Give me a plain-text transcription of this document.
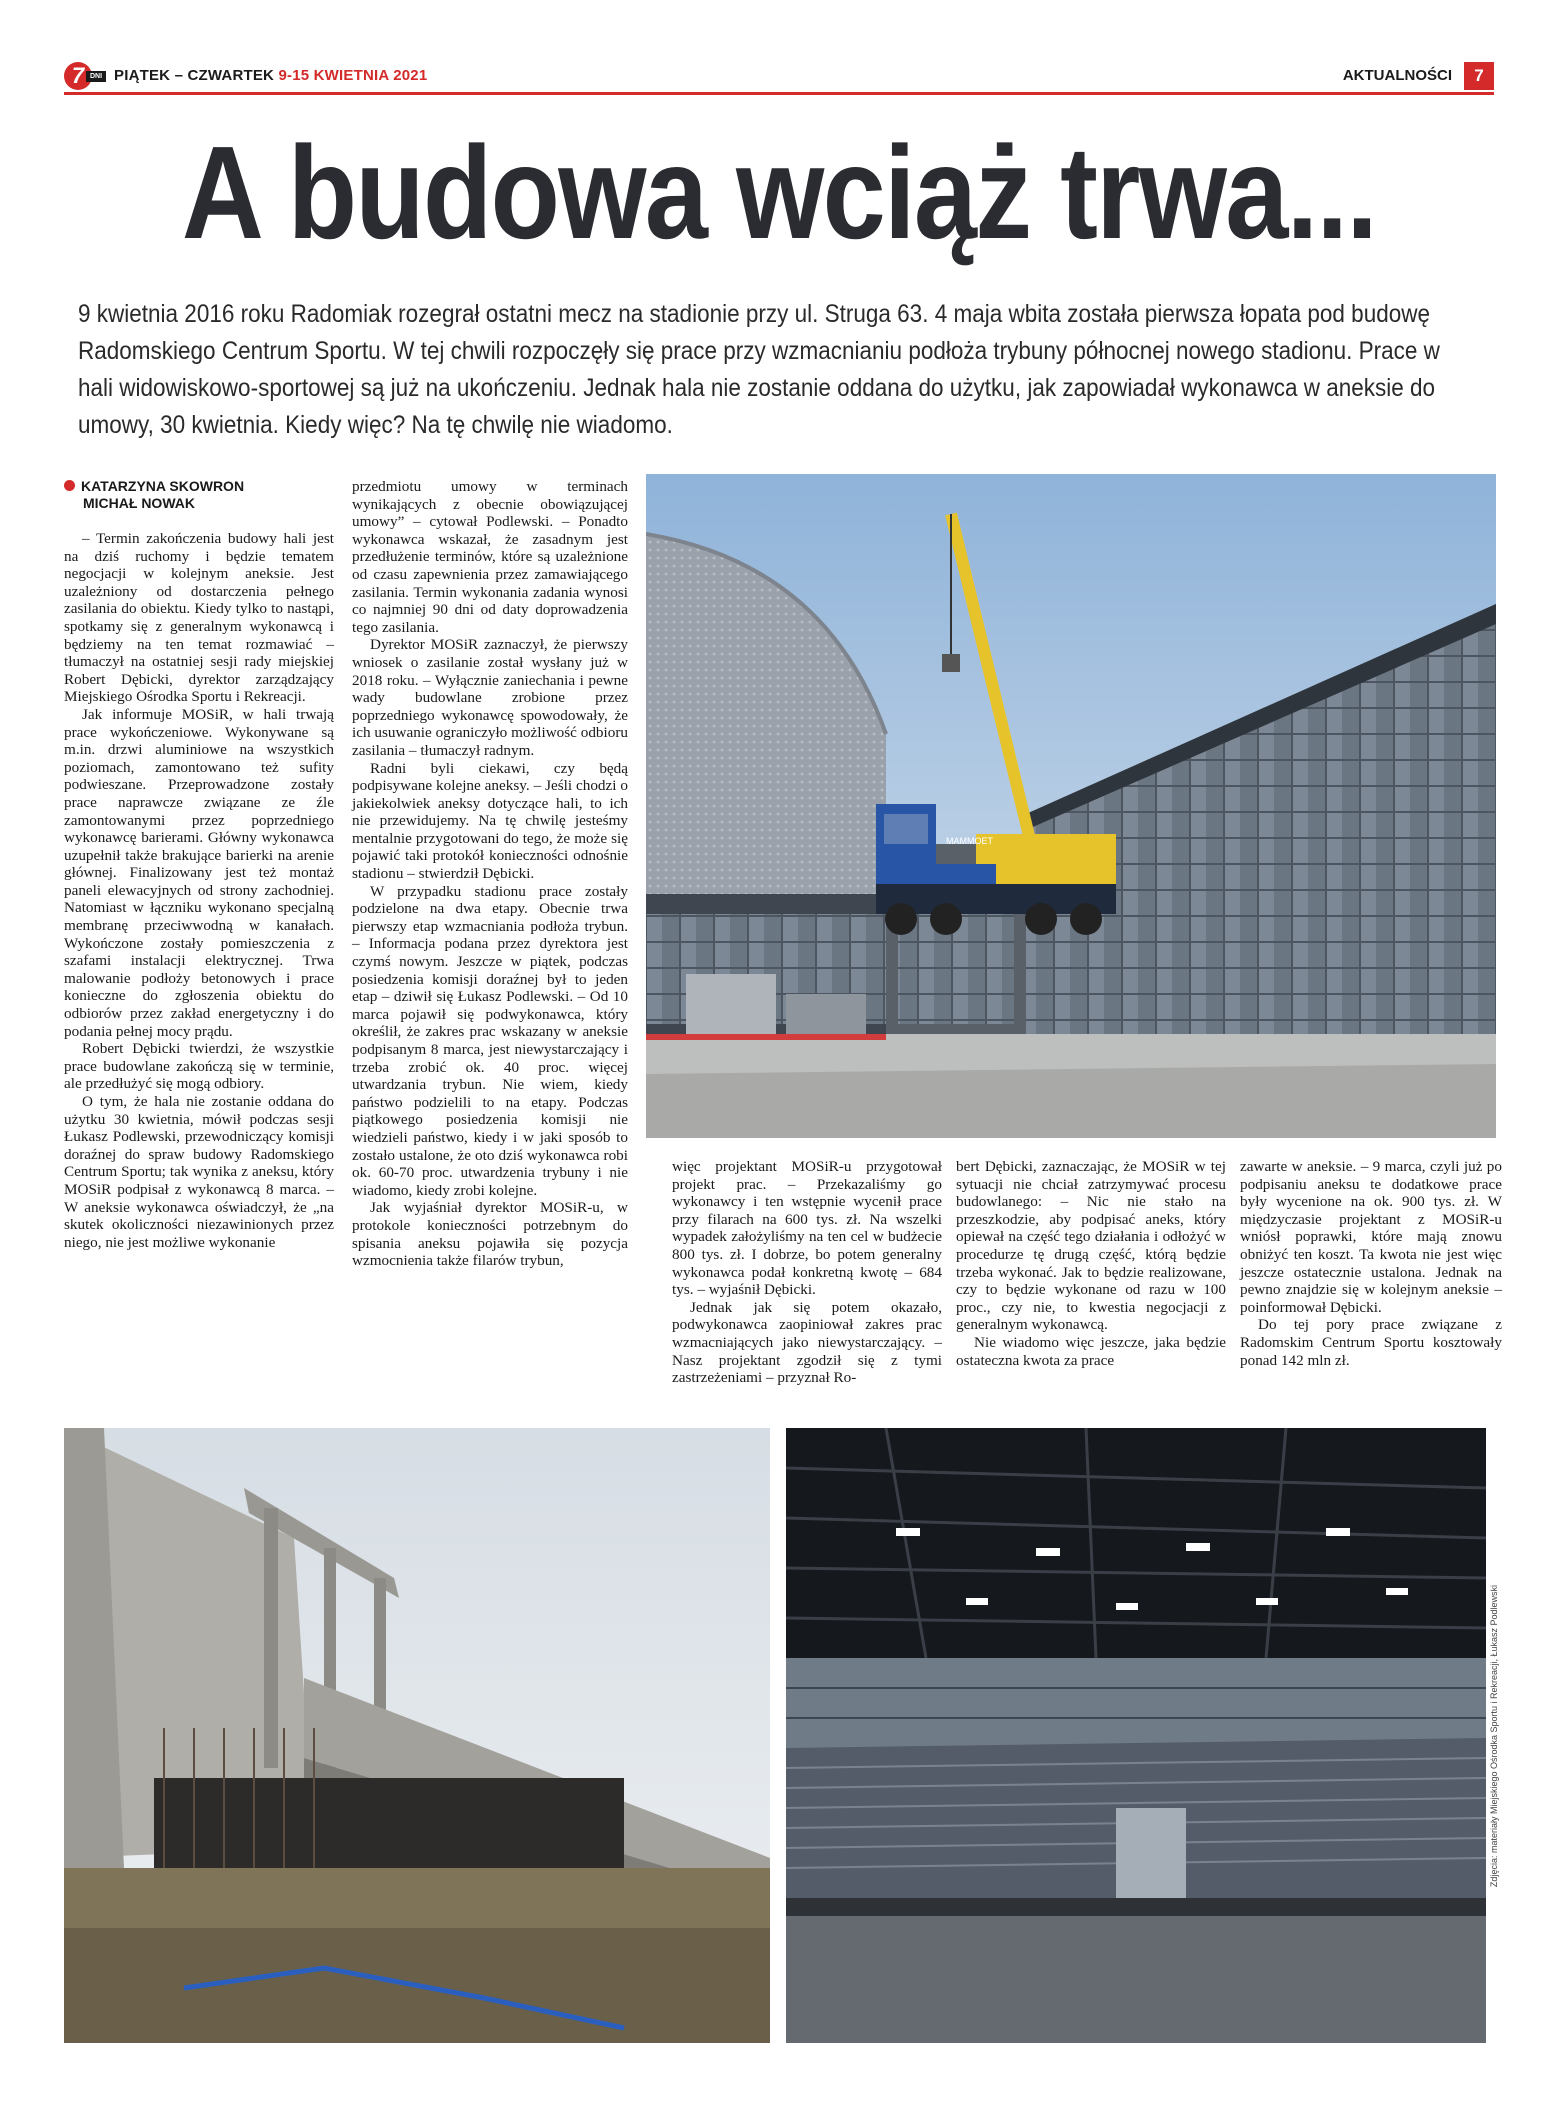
7 DNI PIĄTEK – CZWARTEK 9-15 KWIETNIA 2021	AKTUALNOŚCI	7
A budowa wciąż trwa...
9 kwietnia 2016 roku Radomiak rozegrał ostatni mecz na stadionie przy ul. Struga 63. 4 maja wbita została pierwsza łopata pod budowę Radomskiego Centrum Sportu. W tej chwili rozpoczęły się prace przy wzmacnianiu podłoża trybuny północnej nowego stadionu. Prace w hali widowiskowo-sportowej są już na ukończeniu. Jednak hala nie zostanie oddana do użytku, jak zapowiadał wykonawca w aneksie do umowy, 30 kwietnia. Kiedy więc? Na tę chwilę nie wiadomo.
KATARZYNA SKOWRON
MICHAŁ NOWAK

– Termin zakończenia budowy hali jest na dziś ruchomy i będzie tematem negocjacji w kolejnym aneksie. Jest uzależniony od dostarczenia pełnego zasilania do obiektu. Kiedy tylko to nastąpi, spotkamy się z generalnym wykonawcą i będziemy na ten temat rozmawiać – tłumaczył na ostatniej sesji rady miejskiej Robert Dębicki, dyrektor zarządzający Miejskiego Ośrodka Sportu i Rekreacji.

Jak informuje MOSiR, w hali trwają prace wykończeniowe. Wykonywane są m.in. drzwi aluminiowe na wszystkich poziomach, zamontowano też sufity podwieszane. Przeprowadzone zostały prace naprawcze związane ze źle zamontowanymi przez poprzedniego wykonawcę barierami. Główny wykonawca uzupełnił także brakujące barierki na arenie głównej. Finalizowany jest też montaż paneli elewacyjnych od strony zachodniej. Natomiast w łączniku wykonano specjalną membranę przeciwwodną w kanałach. Wykończone zostały pomieszczenia z szafami instalacji elektrycznej. Trwa malowanie podłoży betonowych i prace konieczne do zgłoszenia obiektu do odbiorów przez zakład energetyczny i do podania pełnej mocy prądu.

Robert Dębicki twierdzi, że wszystkie prace budowlane zakończą się w terminie, ale przedłużyć się mogą odbiory.

O tym, że hala nie zostanie oddana do użytku 30 kwietnia, mówił podczas sesji Łukasz Podlewski, przewodniczący komisji doraźnej do spraw budowy Radomskiego Centrum Sportu; tak wynika z aneksu, który MOSiR podpisał z wykonawcą 8 marca. – W aneksie wykonawca oświadczył, że „na skutek okoliczności niezawinionych przez niego, nie jest możliwe wykonanie

przedmiotu umowy w terminach wynikających z obecnie obowiązującej umowy” – cytował Podlewski. – Ponadto wykonawca wskazał, że zasadnym jest przedłużenie terminów, które są uzależnione od czasu zapewnienia przez zamawiającego zasilania. Termin wykonania zadania wynosi co najmniej 90 dni od daty doprowadzenia tego zasilania.

Dyrektor MOSiR zaznaczył, że pierwszy wniosek o zasilanie został wysłany już w 2018 roku. – Wyłącznie zaniechania i pewne wady budowlane zrobione przez poprzedniego wykonawcę spowodowały, że ich usuwanie ograniczyło możliwość odbioru zasilania – tłumaczył radnym.

Radni byli ciekawi, czy będą podpisywane kolejne aneksy. – Jeśli chodzi o jakiekolwiek aneksy dotyczące hali, to ich nie przewidujemy. Na tę chwilę jesteśmy mentalnie przygotowani do tego, że może się pojawić taki protokół konieczności odnośnie stadionu – stwierdził Dębicki.

W przypadku stadionu prace zostały podzielone na dwa etapy. Obecnie trwa pierwszy etap wzmacniania podłoża trybun. – Informacja podana przez dyrektora jest czymś nowym. Jeszcze w piątek, podczas posiedzenia komisji doraźnej był to jeden etap – dziwił się Łukasz Podlewski. – Od 10 marca pojawił się podwykonawca, który określił, że zakres prac wskazany w aneksie podpisanym 8 marca, jest niewystarczający i trzeba zrobić ok. 40 proc. więcej utwardzania trybun. Nie wiem, kiedy państwo podzielili to na etapy. Podczas piątkowego posiedzenia komisji nie wiedzieli państwo, kiedy i w jaki sposób to zostało ustalone, że oto dziś wykonawca robi ok. 60-70 proc. utwardzenia trybuny i nie wiadomo, kiedy zrobi kolejne.

Jak wyjaśniał dyrektor MOSiR-u, w protokole konieczności potrzebnym do spisania aneksu pojawiła się pozycja wzmocnienia także filarów trybun,

MAMMOET

więc projektant MOSiR-u przygotował projekt prac. – Przekazaliśmy go wykonawcy i ten wstępnie wycenił prace przy filarach na 600 tys. zł. Na wszelki wypadek założyliśmy na ten cel w budżecie 800 tys. zł. I dobrze, bo potem generalny wykonawca podał konkretną kwotę – 684 tys. – wyjaśnił Dębicki.

Jednak jak się potem okazało, podwykonawca zaopiniował zakres prac wzmacniających jako niewystarczający. – Nasz projektant zgodził się z tymi zastrzeżeniami – przyznał Ro-

bert Dębicki, zaznaczając, że MOSiR w tej sytuacji nie chciał zatrzymywać procesu budowlanego: – Nic nie stało na przeszkodzie, aby podpisać aneks, który opiewał na część tego działania i odłożyć w procedurze tę drugą część, którą będzie trzeba wykonać. Jak to będzie realizowane, czy to będzie wykonane od razu w 100 proc., czy nie, to kwestia negocjacji z generalnym wykonawcą.

Nie wiadomo więc jeszcze, jaka będzie ostateczna kwota za prace

zawarte w aneksie. – 9 marca, czyli już po podpisaniu aneksu te dodatkowe prace były wycenione na ok. 900 tys. zł. W międzyczasie projektant z MOSiR-u wniósł poprawki, które mają znowu obniżyć ten koszt. Ta kwota nie jest więc jeszcze ostatecznie ustalona. Jednak na pewno znajdzie się w kolejnym aneksie – poinformował Dębicki.

Do tej pory prace związane z Radomskim Centrum Sportu kosztowały ponad 142 mln zł.

Zdjęcia: materiały Miejskiego Ośrodka Sportu i Rekreacji, Łukasz Podlewski
